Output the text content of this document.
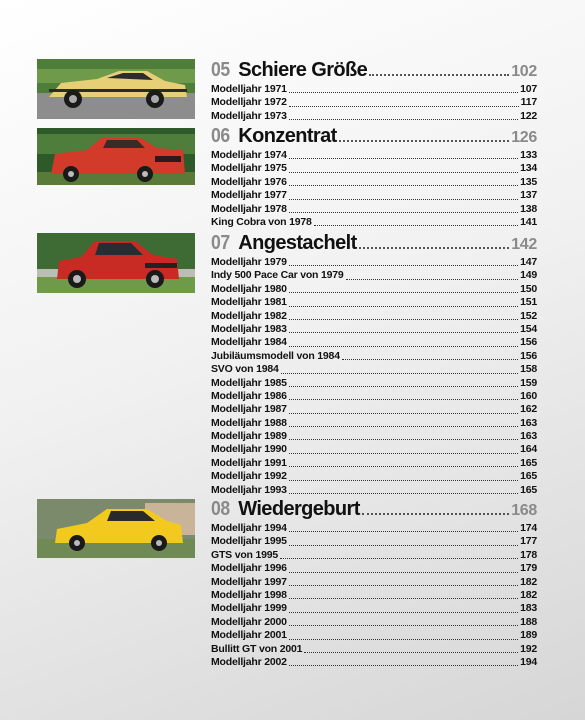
05 Schiere Größe	102
Modelljahr 1971	107
Modelljahr 1972	117
Modelljahr 1973	122
06 Konzentrat	126
Modelljahr 1974	133
Modelljahr 1975	134
Modelljahr 1976	135
Modelljahr 1977	137
Modelljahr 1978	138
King Cobra von 1978	141
07 Angestachelt	142
Modelljahr 1979	147
Indy 500 Pace Car von 1979	149
Modelljahr 1980	150
Modelljahr 1981	151
Modelljahr 1982	152
Modelljahr 1983	154
Modelljahr 1984	156
Jubiläumsmodell von 1984	156
SVO von 1984	158
Modelljahr 1985	159
Modelljahr 1986	160
Modelljahr 1987	162
Modelljahr 1988	163
Modelljahr 1989	163
Modelljahr 1990	164
Modelljahr 1991	165
Modelljahr 1992	165
Modelljahr 1993	165
08 Wiedergeburt	168
Modelljahr 1994	174
Modelljahr 1995	177
GTS von 1995	178
Modelljahr 1996	179
Modelljahr 1997	182
Modelljahr 1998	182
Modelljahr 1999	183
Modelljahr 2000	188
Modelljahr 2001	189
Bullitt GT von 2001	192
Modelljahr 2002	194
